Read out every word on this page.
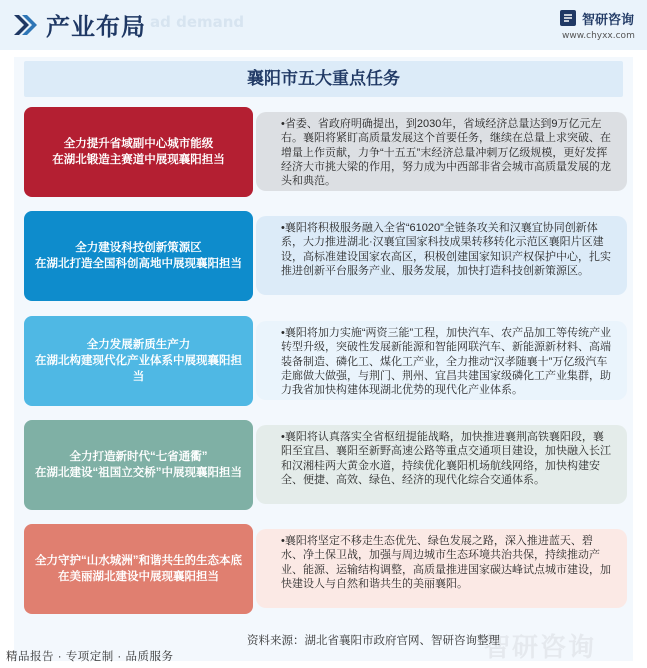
ad demand
产业布局	智研咨询
www.chyxx.com
襄阳市五大重点任务
•省委、省政府明确提出，到2030年，省域经济总量达到9万亿元左右。襄阳将紧盯高质量发展这个首要任务，继续在总量上求突破、在增量上作贡献，力争“十五五”末经济总量冲刺万亿级规模，更好发挥经济大市挑大梁的作用，努力成为中西部非省会城市高质量发展的龙头和典范。
全力提升省域副中心城市能级
在湖北锻造主赛道中展现襄阳担当
•襄阳将积极服务融入全省“61020”全链条攻关和汉襄宜协同创新体系，大力推进湖北·汉襄宜国家科技成果转移转化示范区襄阳片区建设，高标准建设国家农高区，积极创建国家知识产权保护中心，扎实推进创新平台服务产业、服务发展，加快打造科技创新策源区。
全力建设科技创新策源区
在湖北打造全国科创高地中展现襄阳担当
•襄阳将加力实施“两资三能”工程，加快汽车、农产品加工等传统产业转型升级，突破性发展新能源和智能网联汽车、新能源新材料、高端装备制造、磷化工、煤化工产业，全力推动“汉孝随襄十”万亿级汽车走廊做大做强，与荆门、荆州、宜昌共建国家级磷化工产业集群，助力我省加快构建体现湖北优势的现代化产业体系。
全力发展新质生产力
在湖北构建现代化产业体系中展现襄阳担当
•襄阳将认真落实全省枢纽提能战略，加快推进襄荆高铁襄阳段，襄阳至宜昌、襄阳至新野高速公路等重点交通项目建设，加快融入长江和汉湘桂两大黄金水道，持续优化襄阳机场航线网络，加快构建安全、便捷、高效、绿色、经济的现代化综合交通体系。
全力打造新时代“七省通衢”
在湖北建设“祖国立交桥”中展现襄阳担当
•襄阳将坚定不移走生态优先、绿色发展之路，深入推进蓝天、碧水、净土保卫战，加强与周边城市生态环境共治共保，持续推动产业、能源、运输结构调整，高质量推进国家碳达峰试点城市建设，加快建设人与自然和谐共生的美丽襄阳。
全力守护“山水城洲”和谐共生的生态本底
在美丽湖北建设中展现襄阳担当
智研咨询
资料来源：湖北省襄阳市政府官网、智研咨询整理
精品报告 · 专项定制 · 品质服务
